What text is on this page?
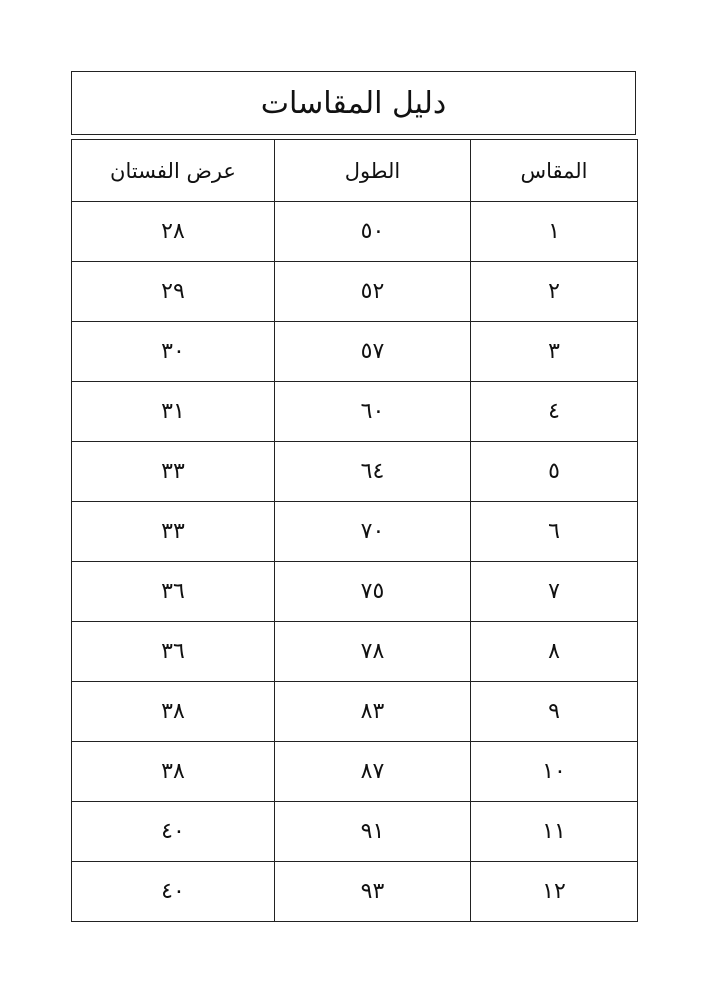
دليل المقاسات
المقاس	الطول	عرض الفستان
١	٥٠	٢٨
٢	٥٢	٢٩
٣	٥٧	٣٠
٤	٦٠	٣١
٥	٦٤	٣٣
٦	٧٠	٣٣
٧	٧٥	٣٦
٨	٧٨	٣٦
٩	٨٣	٣٨
١٠	٨٧	٣٨
١١	٩١	٤٠
١٢	٩٣	٤٠
